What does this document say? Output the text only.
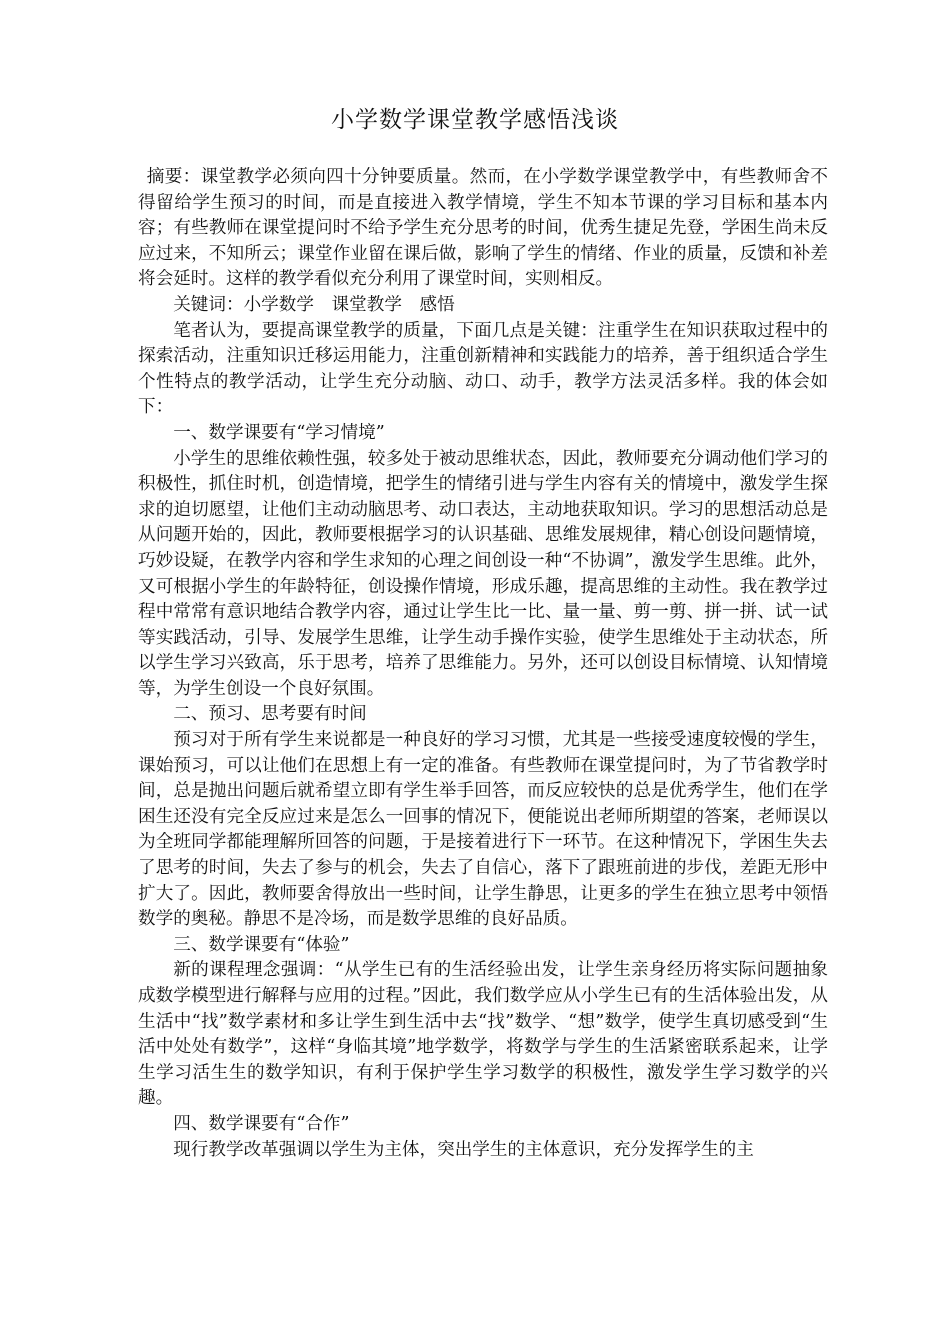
小学数学课堂教学感悟浅谈

摘要：课堂教学必须向四十分钟要质量。然而，在小学数学课堂教学中，有些教师舍不得留给学生预习的时间，而是直接进入教学情境，学生不知本节课的学习目标和基本内容；有些教师在课堂提问时不给予学生充分思考的时间，优秀生捷足先登，学困生尚未反应过来，不知所云；课堂作业留在课后做，影响了学生的情绪、作业的质量，反馈和补差将会延时。这样的教学看似充分利用了课堂时间，实则相反。

关键词：小学数学　课堂教学　感悟

笔者认为，要提高课堂教学的质量，下面几点是关键：注重学生在知识获取过程中的探索活动，注重知识迁移运用能力，注重创新精神和实践能力的培养，善于组织适合学生个性特点的教学活动，让学生充分动脑、动口、动手，教学方法灵活多样。我的体会如下：

一、数学课要有“学习情境”

小学生的思维依赖性强，较多处于被动思维状态，因此，教师要充分调动他们学习的积极性，抓住时机，创造情境，把学生的情绪引进与学生内容有关的情境中，激发学生探求的迫切愿望，让他们主动动脑思考、动口表达，主动地获取知识。学习的思想活动总是从问题开始的，因此，教师要根据学习的认识基础、思维发展规律，精心创设问题情境，巧妙设疑，在教学内容和学生求知的心理之间创设一种“不协调”，激发学生思维。此外，又可根据小学生的年龄特征，创设操作情境，形成乐趣，提高思维的主动性。我在教学过程中常常有意识地结合教学内容，通过让学生比一比、量一量、剪一剪、拼一拼、试一试等实践活动，引导、发展学生思维，让学生动手操作实验，使学生思维处于主动状态，所以学生学习兴致高，乐于思考，培养了思维能力。另外，还可以创设目标情境、认知情境等，为学生创设一个良好氛围。

二、预习、思考要有时间

预习对于所有学生来说都是一种良好的学习习惯，尤其是一些接受速度较慢的学生，课始预习，可以让他们在思想上有一定的准备。有些教师在课堂提问时，为了节省教学时间，总是抛出问题后就希望立即有学生举手回答，而反应较快的总是优秀学生，他们在学困生还没有完全反应过来是怎么一回事的情况下，便能说出老师所期望的答案，老师误以为全班同学都能理解所回答的问题，于是接着进行下一环节。在这种情况下，学困生失去了思考的时间，失去了参与的机会，失去了自信心，落下了跟班前进的步伐，差距无形中扩大了。因此，教师要舍得放出一些时间，让学生静思，让更多的学生在独立思考中领悟数学的奥秘。静思不是冷场，而是数学思维的良好品质。

三、数学课要有“体验”

新的课程理念强调：“从学生已有的生活经验出发，让学生亲身经历将实际问题抽象成数学模型进行解释与应用的过程。”因此，我们数学应从小学生已有的生活体验出发，从生活中“找”数学素材和多让学生到生活中去“找”数学、“想”数学，使学生真切感受到“生活中处处有数学”，这样“身临其境”地学数学，将数学与学生的生活紧密联系起来，让学生学习活生生的数学知识，有利于保护学生学习数学的积极性，激发学生学习数学的兴趣。

四、数学课要有“合作”

现行教学改革强调以学生为主体，突出学生的主体意识，充分发挥学生的主
